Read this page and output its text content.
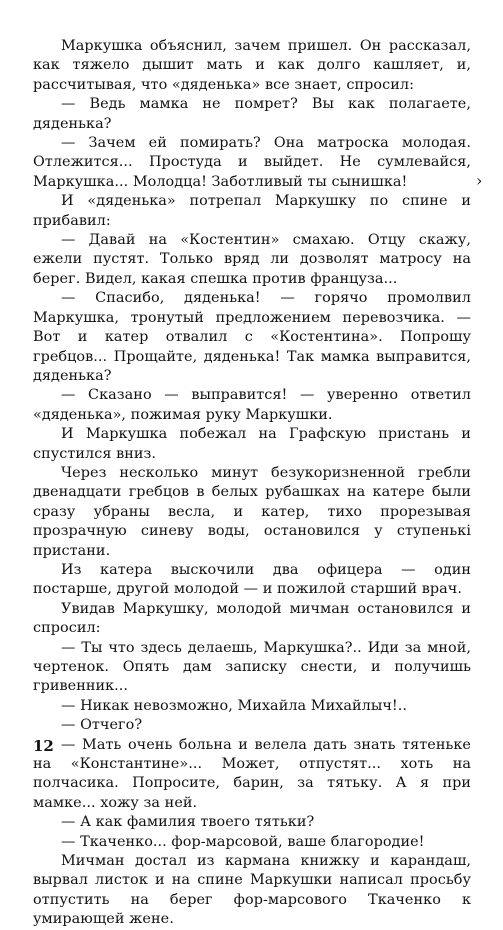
Маркушка объяснил, зачем пришел. Он рассказал, как тяжело дышит мать и как долго кашляет, и, рассчитывая, что «дяденька» все знает, спросил:

— Ведь мамка не помрет? Вы как полагаете, дяденька?

— Зачем ей помирать? Она матроска молодая. Отлежится... Простуда и выйдет. Не сумлевайся, Маркушка... Молодца! Заботливый ты сынишка!

И «дяденька» потрепал Маркушку по спине и прибавил:

— Давай на «Костентин» смахаю. Отцу скажу, ежели пустят. Только вряд ли дозволят матросу на берег. Видел, какая спешка против француза...

— Спасибо, дяденька! — горячо промолвил Маркушка, тронутый предложением перевозчика. — Вот и катер отвалил с «Костентина». Попрошу гребцов... Прощайте, дяденька! Так мамка выправится, дяденька?

— Сказано — выправится! — уверенно ответил «дяденька», пожимая руку Маркушки.

И Маркушка побежал на Графскую пристань и спустился вниз.

Через несколько минут безукоризненной гребли двенадцати гребцов в белых рубашках на катере были сразу убраны весла, и катер, тихо прорезывая прозрачную синеву воды, остановился у ступенькі пристани.

Из катера выскочили два офицера — один постарше, другой молодой — и пожилой старший врач.

Увидав Маркушку, молодой мичман остановился и спросил:

— Ты что здесь делаешь, Маркушка?.. Иди за мной, чертенок. Опять дам записку снести, и получишь гривенник...

— Никак невозможно, Михайла Михайлыч!..

— Отчего?

— Мать очень больна и велела дать знать тятеньке на «Константине»... Может, отпустят... хоть на полчасика. Попросите, барин, за тятьку. А я при мамке... хожу за ней.

— А как фамилия твоего тятьки?

— Ткаченко... фор-марсовой, ваше благородие!

Мичман достал из кармана книжку и карандаш, вырвал листок и на спине Маркушки написал просьбу отпустить на берег фор-марсового Ткаченко к умирающей жене.

›
12
